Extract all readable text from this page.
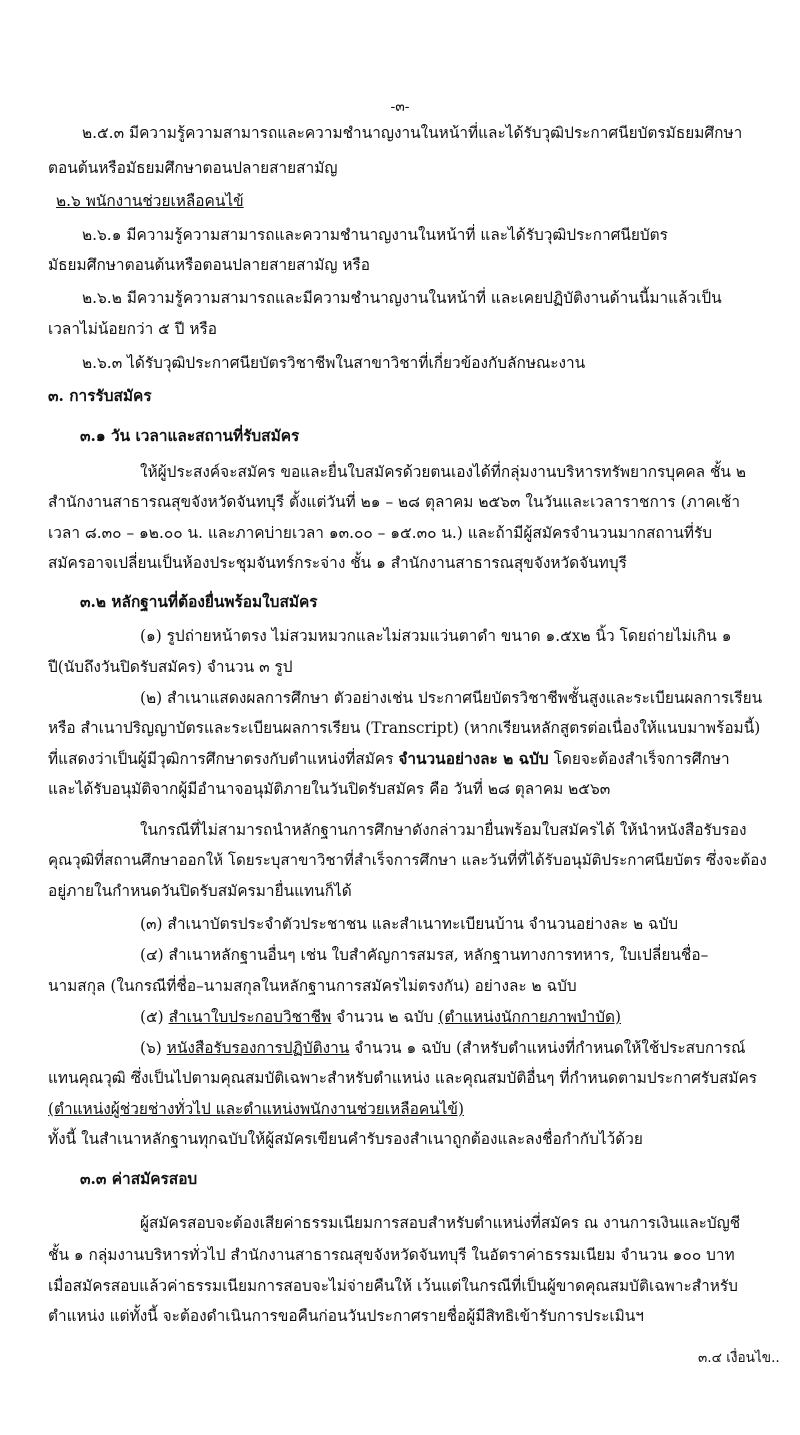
-๓-
๒.๕.๓ มีความรู้ความสามารถและความชำนาญงานในหน้าที่และได้รับวุฒิประกาศนียบัตรมัธยมศึกษา
ตอนต้นหรือมัธยมศึกษาตอนปลายสายสามัญ
๒.๖ พนักงานช่วยเหลือคนไข้
๒.๖.๑ มีความรู้ความสามารถและความชำนาญงานในหน้าที่ และได้รับวุฒิประกาศนียบัตร
มัธยมศึกษาตอนต้นหรือตอนปลายสายสามัญ หรือ
๒.๖.๒ มีความรู้ความสามารถและมีความชำนาญงานในหน้าที่ และเคยปฏิบัติงานด้านนี้มาแล้วเป็น
เวลาไม่น้อยกว่า ๕ ปี หรือ
๒.๖.๓ ได้รับวุฒิประกาศนียบัตรวิชาชีพในสาขาวิชาที่เกี่ยวข้องกับลักษณะงาน
๓. การรับสมัคร
๓.๑ วัน เวลาและสถานที่รับสมัคร
ให้ผู้ประสงค์จะสมัคร ขอและยื่นใบสมัครด้วยตนเองได้ที่กลุ่มงานบริหารทรัพยากรบุคคล ชั้น ๒
สำนักงานสาธารณสุขจังหวัดจันทบุรี ตั้งแต่วันที่ ๒๑ – ๒๘ ตุลาคม ๒๕๖๓ ในวันและเวลาราชการ (ภาคเช้า
เวลา ๘.๓๐ – ๑๒.๐๐ น. และภาคบ่ายเวลา ๑๓.๐๐ – ๑๕.๓๐ น.) และถ้ามีผู้สมัครจำนวนมากสถานที่รับ
สมัครอาจเปลี่ยนเป็นห้องประชุมจันทร์กระจ่าง ชั้น ๑ สำนักงานสาธารณสุขจังหวัดจันทบุรี
๓.๒ หลักฐานที่ต้องยื่นพร้อมใบสมัคร
(๑) รูปถ่ายหน้าตรง ไม่สวมหมวกและไม่สวมแว่นตาดำ ขนาด ๑.๕x๒ นิ้ว โดยถ่ายไม่เกิน ๑
ปี(นับถึงวันปิดรับสมัคร) จำนวน ๓ รูป
(๒) สำเนาแสดงผลการศึกษา ตัวอย่างเช่น ประกาศนียบัตรวิชาชีพชั้นสูงและระเบียนผลการเรียน
หรือ สำเนาปริญญาบัตรและระเบียนผลการเรียน (Transcript) (หากเรียนหลักสูตรต่อเนื่องให้แนบมาพร้อมนี้)
ที่แสดงว่าเป็นผู้มีวุฒิการศึกษาตรงกับตำแหน่งที่สมัคร จำนวนอย่างละ ๒ ฉบับ โดยจะต้องสำเร็จการศึกษา
และได้รับอนุมัติจากผู้มีอำนาจอนุมัติภายในวันปิดรับสมัคร คือ วันที่ ๒๘ ตุลาคม ๒๕๖๓
ในกรณีที่ไม่สามารถนำหลักฐานการศึกษาดังกล่าวมายื่นพร้อมใบสมัครได้ ให้นำหนังสือรับรอง
คุณวุฒิที่สถานศึกษาออกให้ โดยระบุสาขาวิชาที่สำเร็จการศึกษา และวันที่ที่ได้รับอนุมัติประกาศนียบัตร ซึ่งจะต้อง
อยู่ภายในกำหนดวันปิดรับสมัครมายื่นแทนก็ได้
(๓) สำเนาบัตรประจำตัวประชาชน และสำเนาทะเบียนบ้าน จำนวนอย่างละ ๒ ฉบับ
(๔) สำเนาหลักฐานอื่นๆ เช่น ใบสำคัญการสมรส, หลักฐานทางการทหาร, ใบเปลี่ยนชื่อ–
นามสกุล (ในกรณีที่ชื่อ–นามสกุลในหลักฐานการสมัครไม่ตรงกัน) อย่างละ ๒ ฉบับ
(๕) สำเนาใบประกอบวิชาชีพ จำนวน ๒ ฉบับ (ตำแหน่งนักกายภาพบำบัด)
(๖) หนังสือรับรองการปฏิบัติงาน จำนวน ๑ ฉบับ (สำหรับตำแหน่งที่กำหนดให้ใช้ประสบการณ์
แทนคุณวุฒิ ซึ่งเป็นไปตามคุณสมบัติเฉพาะสำหรับตำแหน่ง และคุณสมบัติอื่นๆ ที่กำหนดตามประกาศรับสมัคร
(ตำแหน่งผู้ช่วยช่างทั่วไป และตำแหน่งพนักงานช่วยเหลือคนไข้)
ทั้งนี้ ในสำเนาหลักฐานทุกฉบับให้ผู้สมัครเขียนคำรับรองสำเนาถูกต้องและลงชื่อกำกับไว้ด้วย
๓.๓ ค่าสมัครสอบ
ผู้สมัครสอบจะต้องเสียค่าธรรมเนียมการสอบสำหรับตำแหน่งที่สมัคร ณ งานการเงินและบัญชี
ชั้น ๑ กลุ่มงานบริหารทั่วไป สำนักงานสาธารณสุขจังหวัดจันทบุรี ในอัตราค่าธรรมเนียม จำนวน ๑๐๐ บาท
เมื่อสมัครสอบแล้วค่าธรรมเนียมการสอบจะไม่จ่ายคืนให้ เว้นแต่ในกรณีที่เป็นผู้ขาดคุณสมบัติเฉพาะสำหรับ
ตำแหน่ง แต่ทั้งนี้ จะต้องดำเนินการขอคืนก่อนวันประกาศรายชื่อผู้มีสิทธิเข้ารับการประเมินฯ
๓.๔ เงื่อนไข..
